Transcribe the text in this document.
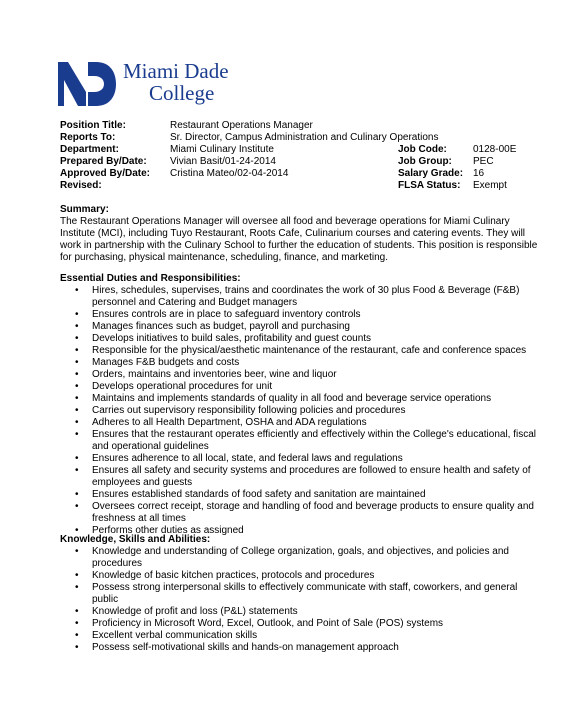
Miami Dade
College
Position Title:	Restaurant Operations Manager
Reports To:	Sr. Director, Campus Administration and Culinary Operations
Department:	Miami Culinary Institute	Job Code:	0128-00E
Prepared By/Date: Vivian Basit/01-24-2014	Job Group: PEC
Approved By/Date: Cristina Mateo/02-04-2014	Salary Grade: 16
Revised:	FLSA Status: Exempt
Summary:
The Restaurant Operations Manager will oversee all food and beverage operations for Miami Culinary Institute (MCI), including Tuyo Restaurant, Roots Cafe, Culinarium courses and catering events. They will work in partnership with the Culinary School to further the education of students. This position is responsible for purchasing, physical maintenance, scheduling, finance, and marketing.
Essential Duties and Responsibilities:
• Hires, schedules, supervises, trains and coordinates the work of 30 plus Food & Beverage (F&B) personnel and Catering and Budget managers
• Ensures controls are in place to safeguard inventory controls
• Manages finances such as budget, payroll and purchasing
• Develops initiatives to build sales, profitability and guest counts
• Responsible for the physical/aesthetic maintenance of the restaurant, cafe and conference spaces
• Manages F&B budgets and costs
• Orders, maintains and inventories beer, wine and liquor
• Develops operational procedures for unit
• Maintains and implements standards of quality in all food and beverage service operations
• Carries out supervisory responsibility following policies and procedures
• Adheres to all Health Department, OSHA and ADA regulations
• Ensures that the restaurant operates efficiently and effectively within the College's educational, fiscal and operational guidelines
• Ensures adherence to all local, state, and federal laws and regulations
• Ensures all safety and security systems and procedures are followed to ensure health and safety of employees and guests
• Ensures established standards of food safety and sanitation are maintained
• Oversees correct receipt, storage and handling of food and beverage products to ensure quality and freshness at all times
• Performs other duties as assigned
Knowledge, Skills and Abilities:
• Knowledge and understanding of College organization, goals, and objectives, and policies and procedures
• Knowledge of basic kitchen practices, protocols and procedures
• Possess strong interpersonal skills to effectively communicate with staff, coworkers, and general public
• Knowledge of profit and loss (P&L) statements
• Proficiency in Microsoft Word, Excel, Outlook, and Point of Sale (POS) systems
• Excellent verbal communication skills
• Possess self-motivational skills and hands-on management approach
